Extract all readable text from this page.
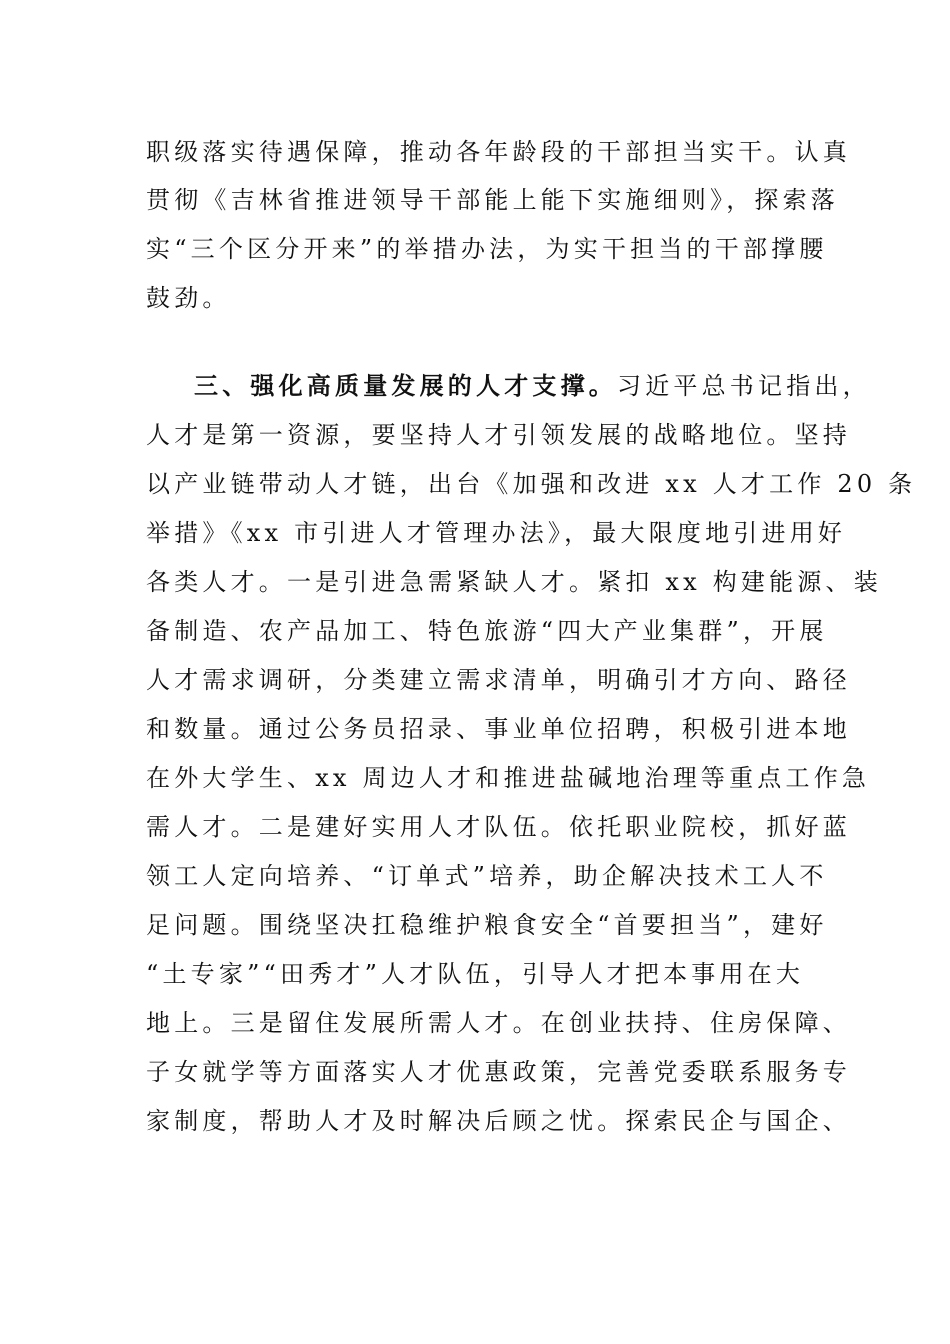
职级落实待遇保障，推动各年龄段的干部担当实干。认真
贯彻《吉林省推进领导干部能上能下实施细则》，探索落
实“三个区分开来”的举措办法，为实干担当的干部撑腰
鼓劲。
三、强化高质量发展的人才支撑。习近平总书记指出，
人才是第一资源，要坚持人才引领发展的战略地位。坚持
以产业链带动人才链，出台《加强和改进 xx 人才工作 20 条
举措》《xx 市引进人才管理办法》，最大限度地引进用好
各类人才。一是引进急需紧缺人才。紧扣 xx 构建能源、装
备制造、农产品加工、特色旅游“四大产业集群”，开展
人才需求调研，分类建立需求清单，明确引才方向、路径
和数量。通过公务员招录、事业单位招聘，积极引进本地
在外大学生、xx 周边人才和推进盐碱地治理等重点工作急
需人才。二是建好实用人才队伍。依托职业院校，抓好蓝
领工人定向培养、“订单式”培养，助企解决技术工人不
足问题。围绕坚决扛稳维护粮食安全“首要担当”，建好
“土专家”“田秀才”人才队伍，引导人才把本事用在大
地上。三是留住发展所需人才。在创业扶持、住房保障、
子女就学等方面落实人才优惠政策，完善党委联系服务专
家制度，帮助人才及时解决后顾之忧。探索民企与国企、
